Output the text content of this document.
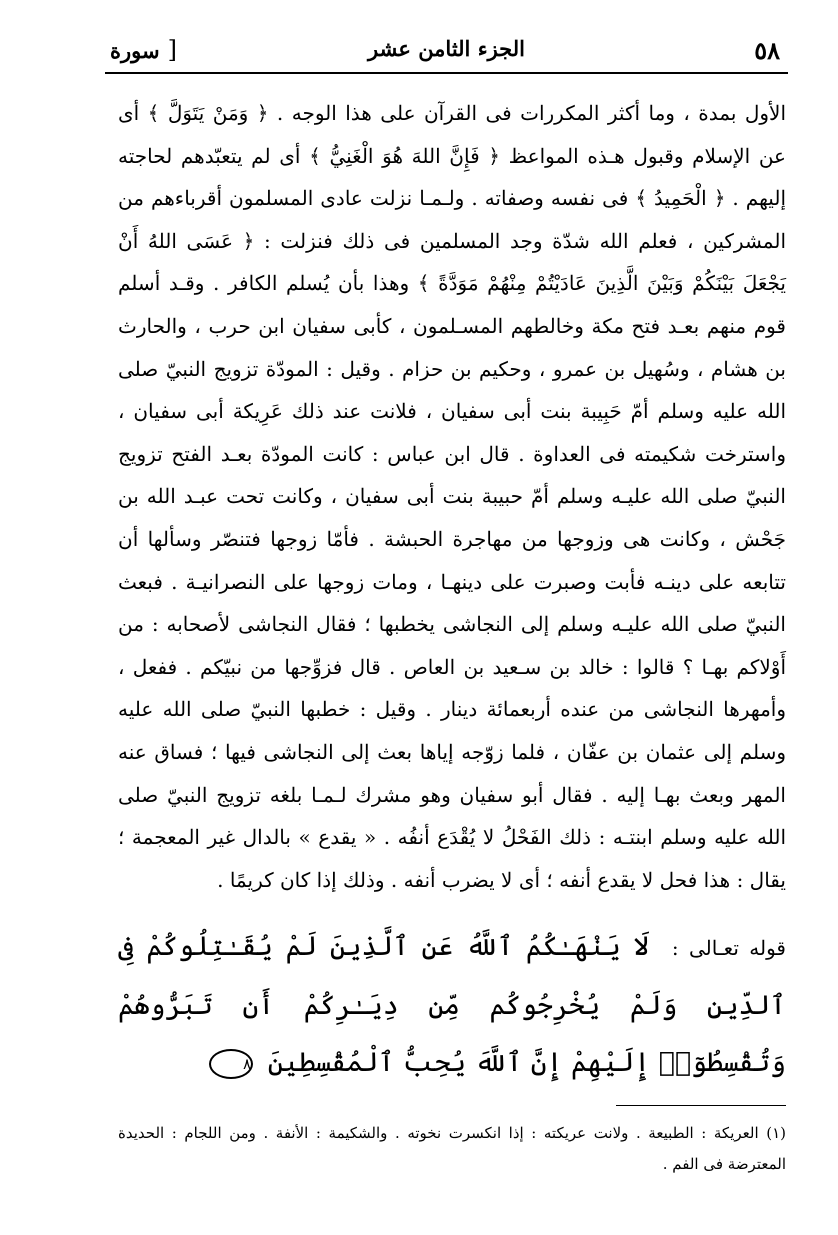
٥٨
الجزء الثامن عشر
[سورة

الأول بمدة ، وما أكثر المكررات فى القرآن على هذا الوجه . ﴿ وَمَنْ يَتَوَلَّ ﴾ أى عن الإسلام وقبول هـذه المواعظ ﴿ فَإِنَّ اللهَ هُوَ الْغَنِيُّ ﴾ أى لم يتعبّدهم لحاجته إليهم . ﴿ الْحَمِيدُ ﴾ فى نفسه وصفاته . ولـمـا نزلت عادى المسلمون أقرباءهم من المشركين ، فعلم الله شدّة وجد المسلمين فى ذلك فنزلت : ﴿ عَسَى اللهُ أَنْ يَجْعَلَ بَيْنَكُمْ وَبَيْنَ الَّذِينَ عَادَيْتُمْ مِنْهُمْ مَوَدَّةً ﴾ وهذا بأن يُسلم الكافر . وقـد أسلم قوم منهم بعـد فتح مكة وخالطهم المسـلمون ، كأبى سفيان ابن حرب ، والحارث بن هشام ، وسُهيل بن عمرو ، وحكيم بن حزام . وقيل : المودّة تزويج النبيّ صلى الله عليه وسلم أمّ حَبِيبة بنت أبى سفيان ، فلانت عند ذلك عَرِيكة أبى سفيان ، واسترخت شكيمته فى العداوة . قال ابن عباس : كانت المودّة بعـد الفتح تزويج النبيّ صلى الله عليـه وسلم أمّ حبيبة بنت أبى سفيان ، وكانت تحت عبـد الله بن جَحْش ، وكانت هى وزوجها من مهاجرة الحبشة . فأمّا زوجها فتنصّر وسألها أن تتابعه على دينـه فأبت وصبرت على دينهـا ، ومات زوجها على النصرانيـة . فبعث النبيّ صلى الله عليـه وسلم إلى النجاشى يخطبها ؛ فقال النجاشى لأصحابه : من أَوْلاكم بهـا ؟ قالوا : خالد بن سـعيد بن العاص . قال فزوِّجها من نبيّكم . ففعل ، وأمهرها النجاشى من عنده أربعمائة دينار . وقيل : خطبها النبيّ صلى الله عليه وسلم إلى عثمان بن عفّان ، فلما زوّجه إياها بعث إلى النجاشى فيها ؛ فساق عنه المهر وبعث بهـا إليه . فقال أبو سفيان وهو مشرك لـمـا بلغه تزويج النبيّ صلى الله عليه وسلم ابنتـه : ذلك الفَحْلُ لا يُقْدَع أنفُه . « يقدع » بالدال غير المعجمة ؛ يقال : هذا فحل لا يقدع أنفه ؛ أى لا يضرب أنفه . وذلك إذا كان كريمًا .

قوله تعـالى : لَا يَنْهَـٰكُمُ ٱللَّهُ عَنِ ٱلَّذِينَ لَمْ يُقَـٰتِلُوكُمْ فِى ٱلدِّينِ وَلَمْ يُخْرِجُوكُم مِّن دِيَـٰرِكُمْ أَن تَبَرُّوهُمْ وَتُقْسِطُوٓا۟ إِلَيْهِمْ إِنَّ ٱللَّهَ يُحِبُّ ٱلْمُقْسِطِينَ ٨

(١) العريكة : الطبيعة . ولانت عريكته : إذا انكسرت نخوته . والشكيمة : الأنفة . ومن اللجام : الحديدة المعترضة فى الفم .
